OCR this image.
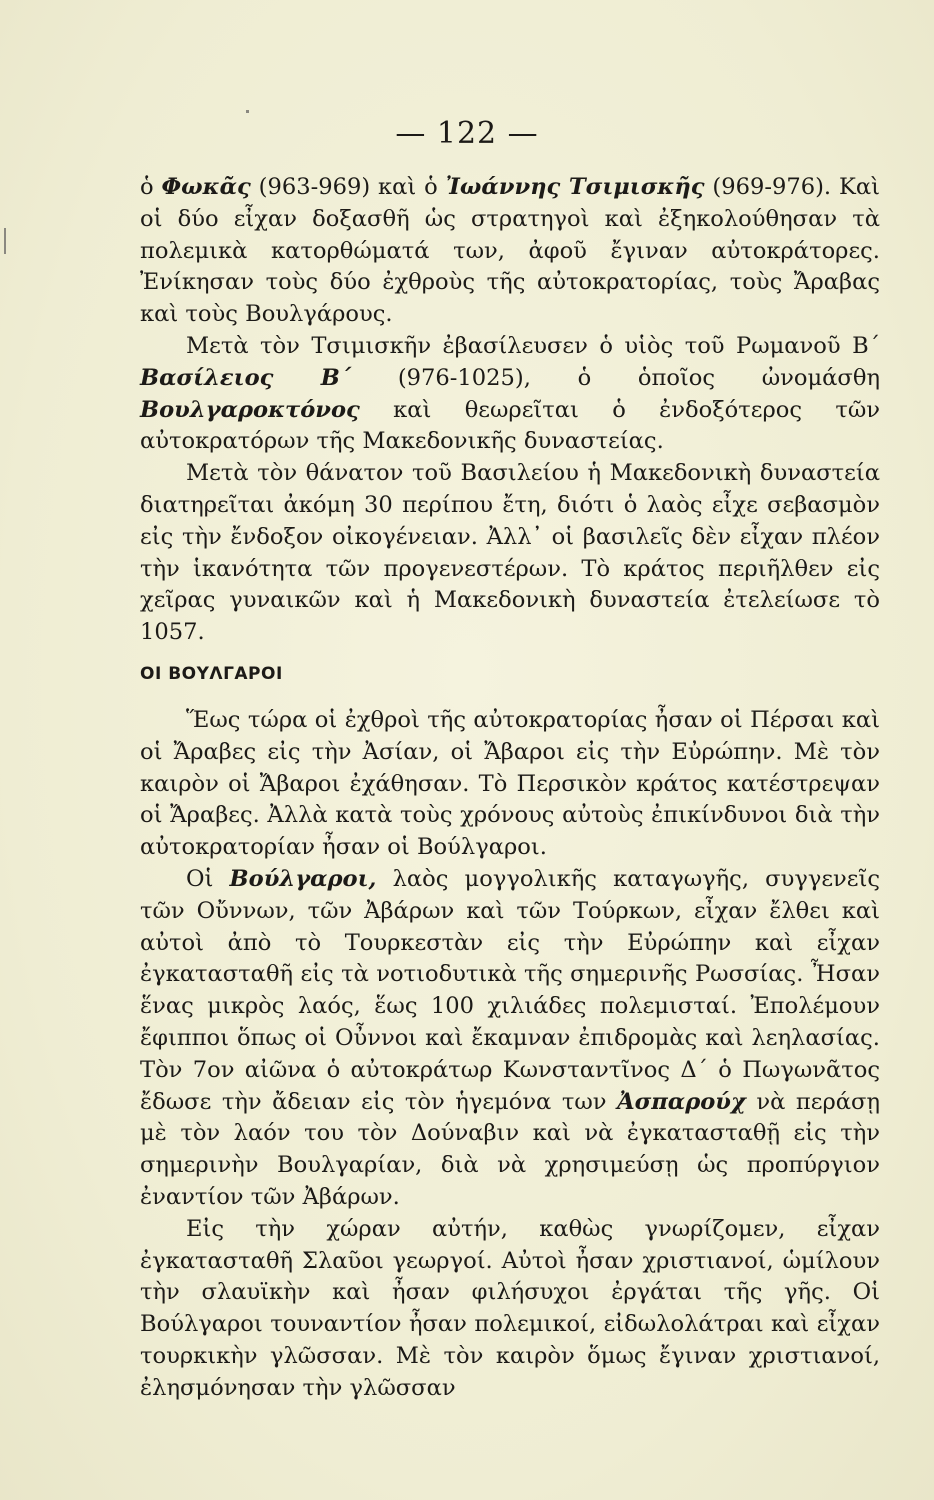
— 122 —

ὁ Φωκᾶς (963-969) καὶ ὁ Ἰωάννης Τσιμισκῆς (969-976). Καὶ οἱ δύο εἶχαν δοξασθῆ ὡς στρατηγοὶ καὶ ἐξηκολούθησαν τὰ πολεμικὰ κατορθώματά των, ἀφοῦ ἔγιναν αὐτοκράτορες. Ἐνίκησαν τοὺς δύο ἐχθροὺς τῆς αὐτοκρατορίας, τοὺς Ἄραβας καὶ τοὺς Βουλγάρους.

Μετὰ τὸν Τσιμισκῆν ἐβασίλευσεν ὁ υἱὸς τοῦ Ρωμανοῦ Β΄ Βασίλειος Β΄ (976-1025), ὁ ὁποῖος ὠνομάσθη Βουλγαροκτόνος καὶ θεωρεῖται ὁ ἐνδοξότερος τῶν αὐτοκρατόρων τῆς Μακεδονικῆς δυναστείας.

Μετὰ τὸν θάνατον τοῦ Βασιλείου ἡ Μακεδονικὴ δυναστεία διατηρεῖται ἀκόμη 30 περίπου ἔτη, διότι ὁ λαὸς εἶχε σεβασμὸν εἰς τὴν ἔνδοξον οἰκογένειαν. Ἀλλ᾽ οἱ βασιλεῖς δὲν εἶχαν πλέον τὴν ἱκανότητα τῶν προγενεστέρων. Τὸ κράτος περιῆλθεν εἰς χεῖρας γυναικῶν καὶ ἡ Μακεδονικὴ δυναστεία ἐτελείωσε τὸ 1057.

ΟΙ ΒΟΥΛΓΑΡΟΙ

Ἕως τώρα οἱ ἐχθροὶ τῆς αὐτοκρατορίας ἦσαν οἱ Πέρσαι καὶ οἱ Ἄραβες εἰς τὴν Ἀσίαν, οἱ Ἄβαροι εἰς τὴν Εὐρώπην. Μὲ τὸν καιρὸν οἱ Ἄβαροι ἐχάθησαν. Τὸ Περσικὸν κράτος κατέστρεψαν οἱ Ἄραβες. Ἀλλὰ κατὰ τοὺς χρόνους αὐτοὺς ἐπικίνδυνοι διὰ τὴν αὐτοκρατορίαν ἦσαν οἱ Βούλγαροι.

Οἱ Βούλγαροι, λαὸς μογγολικῆς καταγωγῆς, συγγενεῖς τῶν Οὔννων, τῶν Ἀβάρων καὶ τῶν Τούρκων, εἶχαν ἔλθει καὶ αὐτοὶ ἀπὸ τὸ Τουρκεστὰν εἰς τὴν Εὐρώπην καὶ εἶχαν ἐγκατασταθῆ εἰς τὰ νοτιοδυτικὰ τῆς σημερινῆς Ρωσσίας. Ἦσαν ἕνας μικρὸς λαός, ἕως 100 χιλιάδες πολεμισταί. Ἐπολέμουν ἔφιπποι ὅπως οἱ Οὖννοι καὶ ἔκαμναν ἐπιδρομὰς καὶ λεηλασίας. Τὸν 7ον αἰῶνα ὁ αὐτοκράτωρ Κωνσταντῖνος Δ΄ ὁ Πωγωνᾶτος ἔδωσε τὴν ἄδειαν εἰς τὸν ἡγεμόνα των Ἀσπαρούχ νὰ περάσῃ μὲ τὸν λαόν του τὸν Δούναβιν καὶ νὰ ἐγκατασταθῇ εἰς τὴν σημερινὴν Βουλγαρίαν, διὰ νὰ χρησιμεύσῃ ὡς προπύργιον ἐναντίον τῶν Ἀβάρων.

Εἰς τὴν χώραν αὐτήν, καθὼς γνωρίζομεν, εἶχαν ἐγκατασταθῆ Σλαῦοι γεωργοί. Αὐτοὶ ἦσαν χριστιανοί, ὡμίλουν τὴν σλαυϊκὴν καὶ ἦσαν φιλήσυχοι ἐργάται τῆς γῆς. Οἱ Βούλγαροι τουναντίον ἦσαν πολεμικοί, εἰδωλολάτραι καὶ εἶχαν τουρκικὴν γλῶσσαν. Μὲ τὸν καιρὸν ὅμως ἔγιναν χριστιανοί, ἐλησμόνησαν τὴν γλῶσσαν
